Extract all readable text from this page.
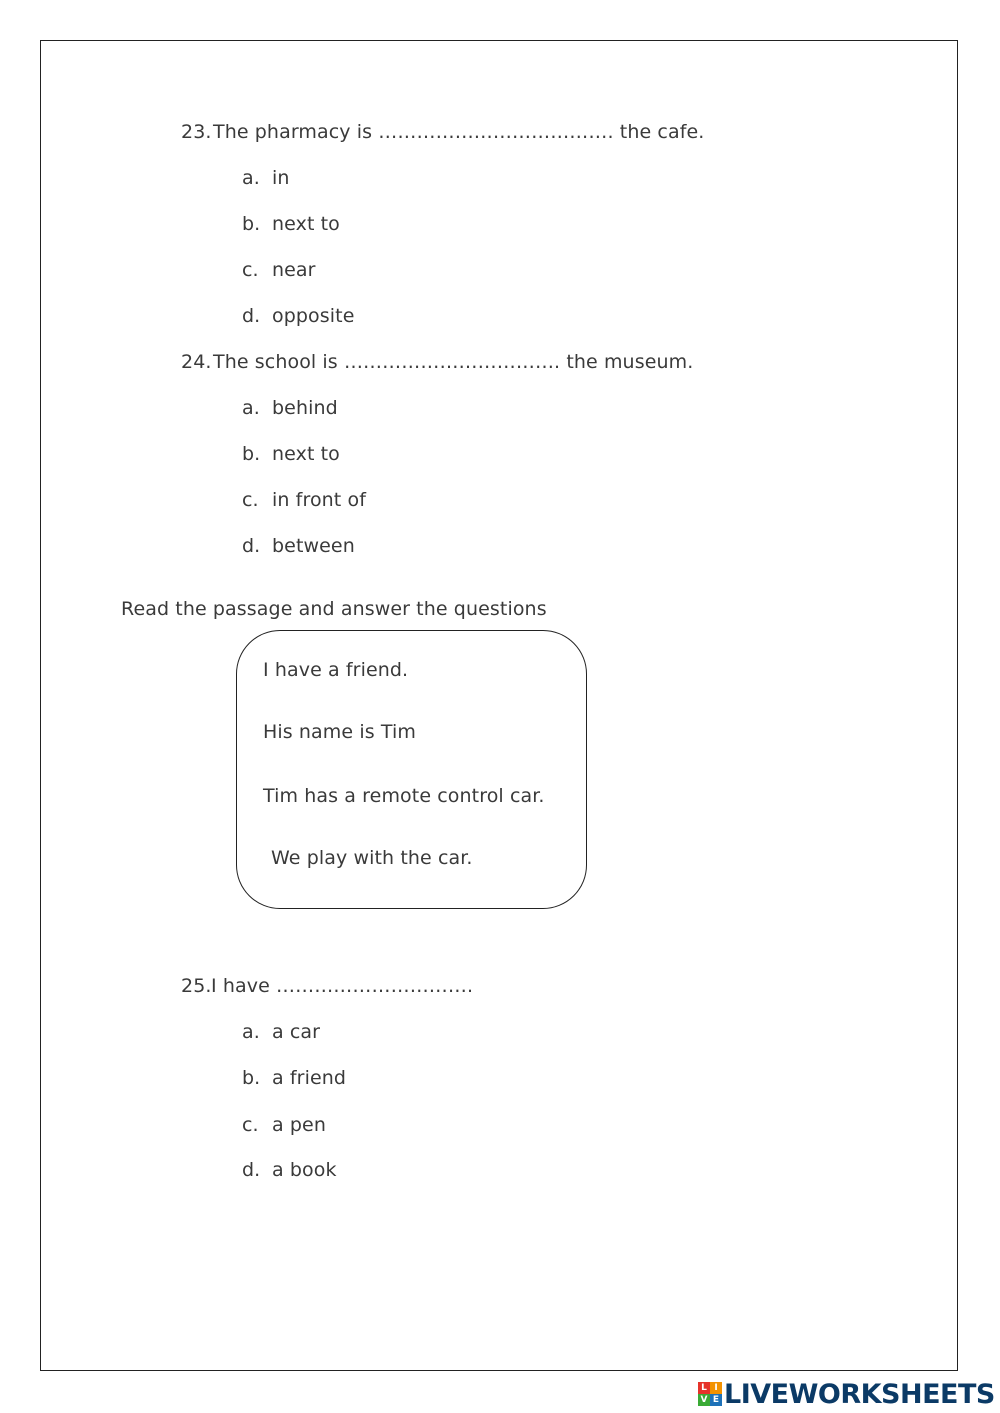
23.The pharmacy is ………………………………. the cafe.
a. in
b. next to
c. near
d. opposite
24.The school is ……………………………. the museum.
a. behind
b. next to
c. in front of
d. between
Read the passage and answer the questions
I have a friend.
His name is Tim
Tim has a remote control car.
We play with the car.
25.I have ………………………….
a. a car
b. a friend
c. a pen
d. a book
L I
V E LIVEWORKSHEETS
